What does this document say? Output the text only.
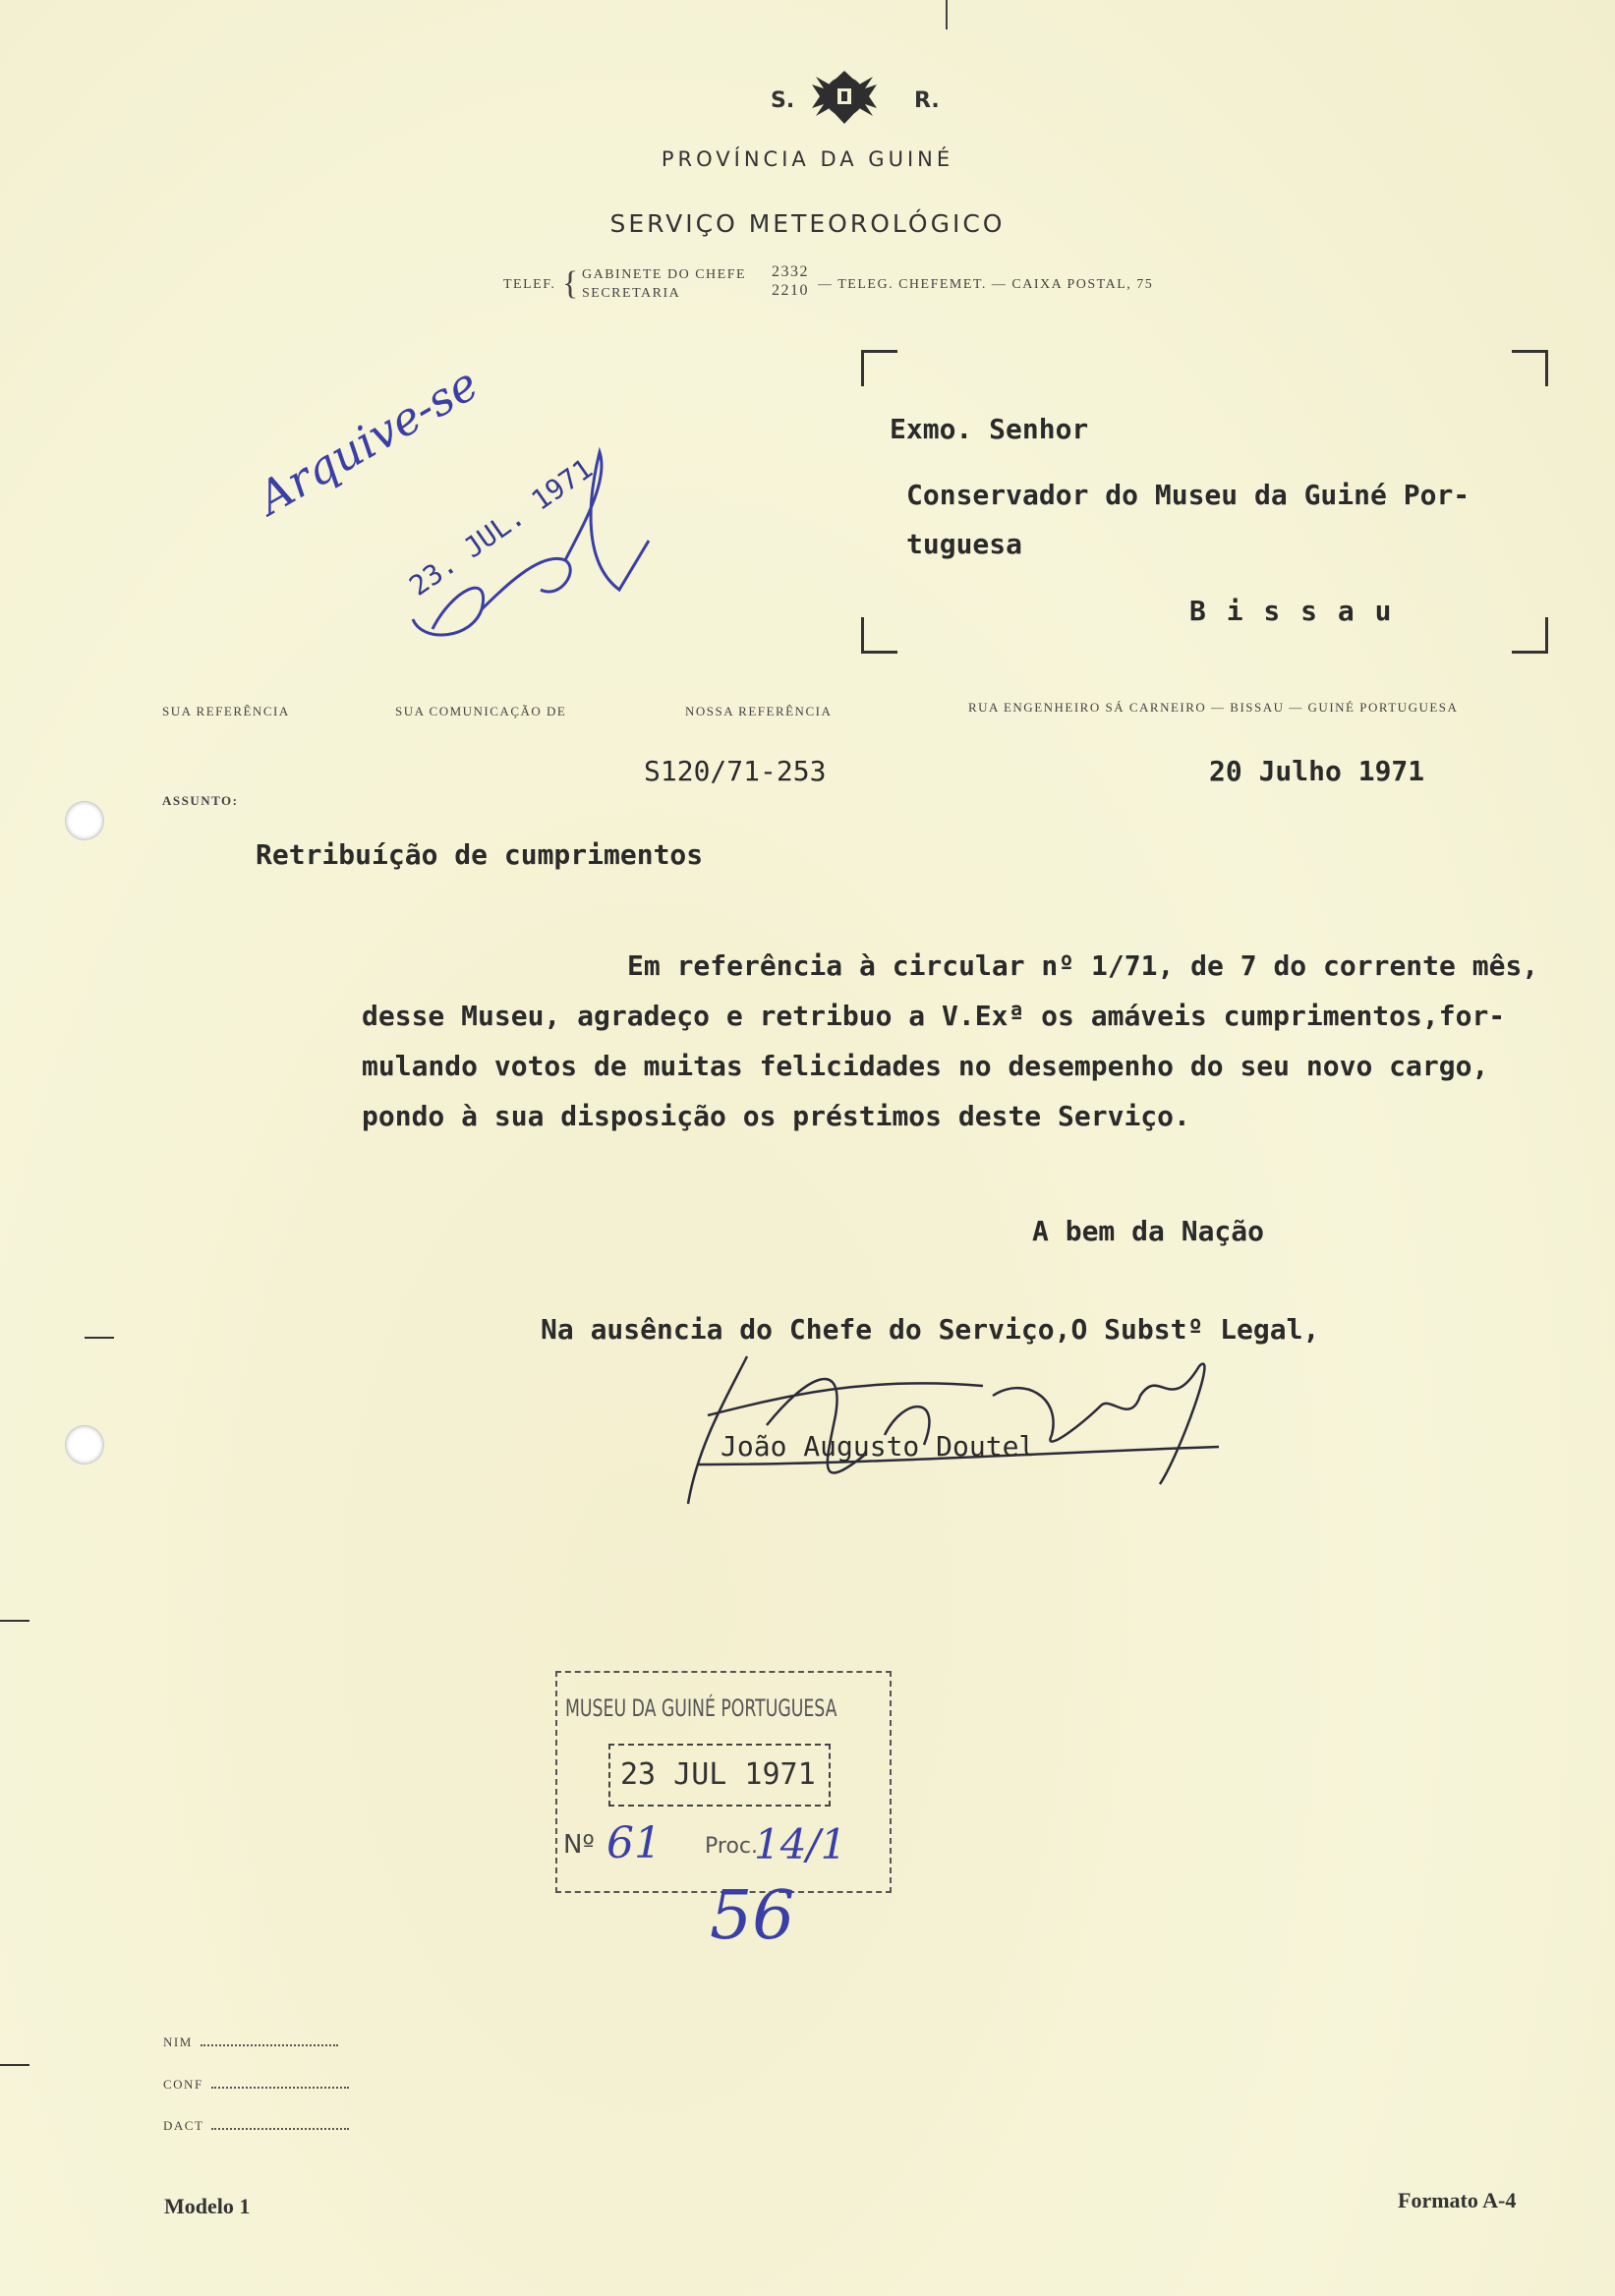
S.	R.
PROVÍNCIA DA GUINÉ
SERVIÇO METEOROLÓGICO
TELEF. { GABINETE DO CHEFE 2332
SECRETARIA	2210 — TELEG. CHEFEMET. — CAIXA POSTAL, 75
Exmo. Senhor
Conservador do Museu da Guiné Por-
tuguesa
B i s s a u
Arquive-se
23. JUL. 1971
SUA REFERÊNCIA	SUA COMUNICAÇÃO DE	NOSSA REFERÊNCIA	RUA ENGENHEIRO SÁ CARNEIRO — BISSAU — GUINÉ PORTUGUESA
S120/71-253	20 Julho 1971
ASSUNTO:
Retribuíção de cumprimentos
Em referência à circular nº 1/71, de 7 do corrente mês,
desse Museu, agradeço e retribuo a V.Exª os amáveis cumprimentos,for-
mulando votos de muitas felicidades no desempenho do seu novo cargo,
pondo à sua disposição os préstimos deste Serviço.
A bem da Nação
Na ausência do Chefe do Serviço,O Substº Legal,
João Augusto Doutel
MUSEU DA GUINÉ PORTUGUESA
23 JUL 1971
Nº 61 Proc.
14/1
56
NIM
CONF
DACT
Modelo 1	Formato A-4
